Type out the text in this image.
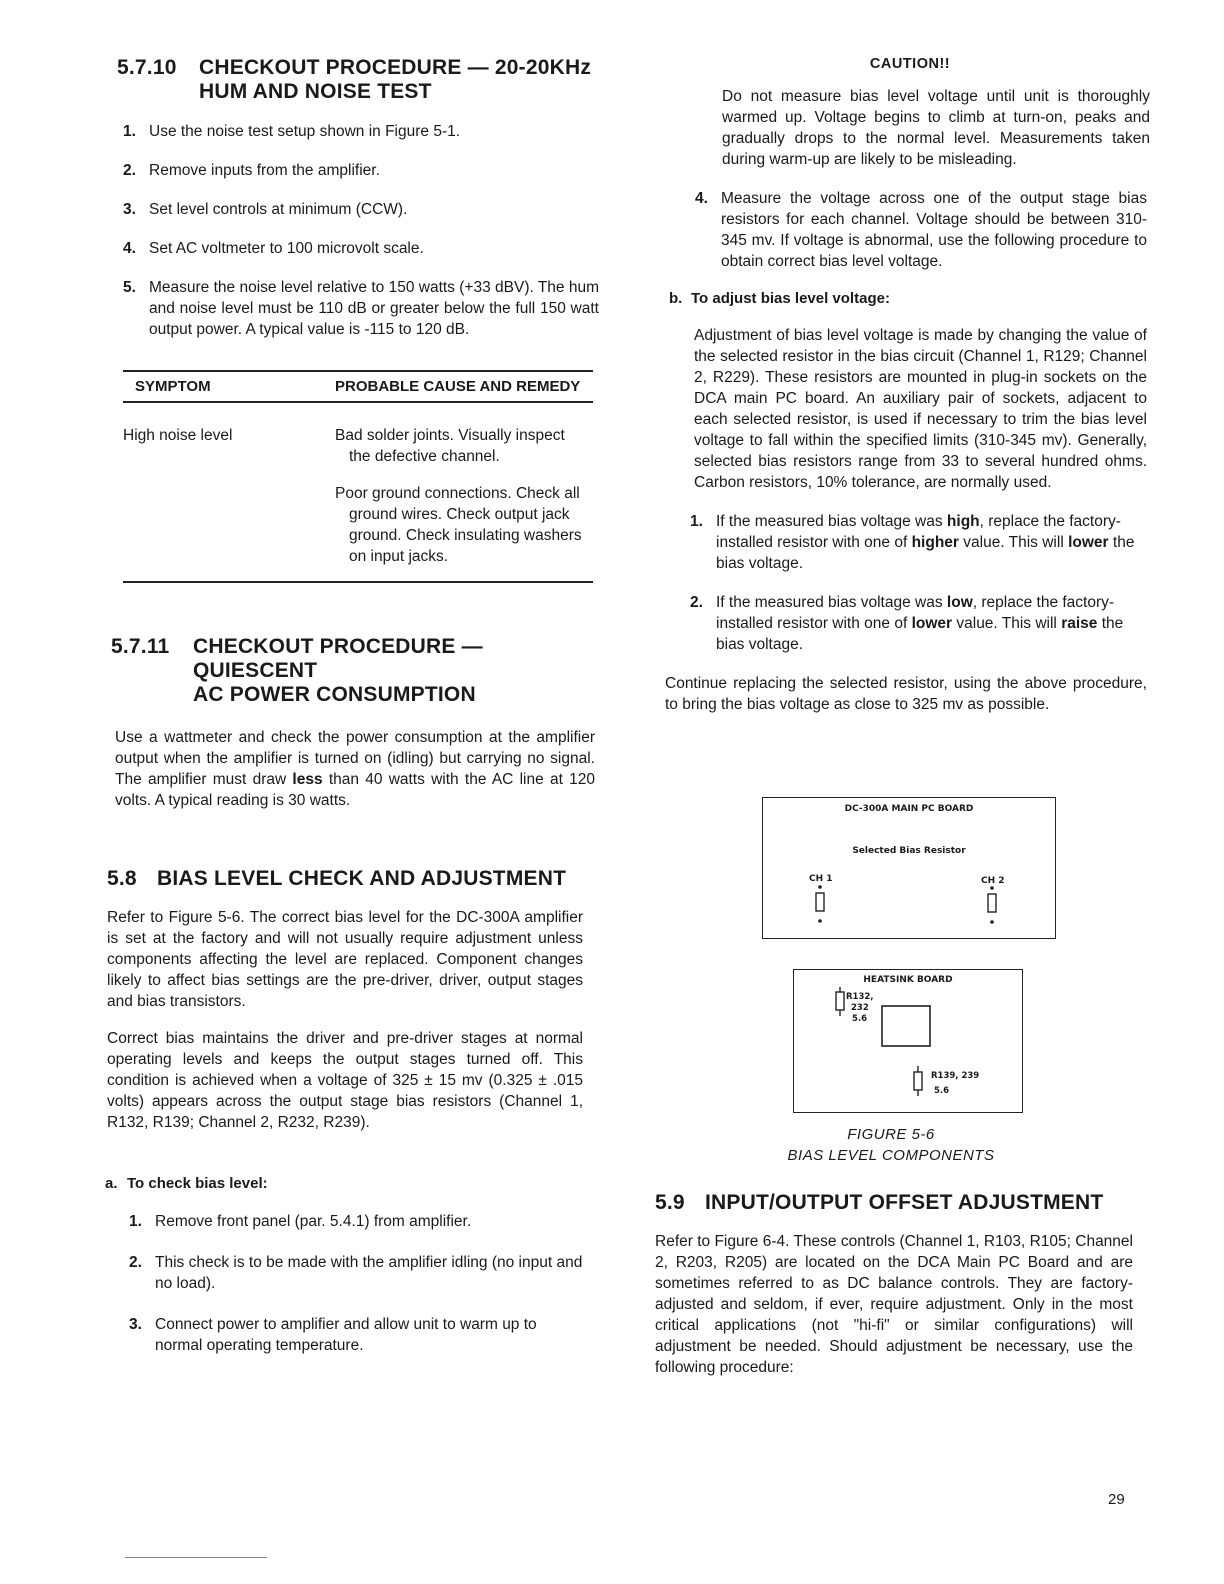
5.7.10	CHECKOUT PROCEDURE — 20-20KHz
HUM AND NOISE TEST
1. Use the noise test setup shown in Figure 5-1.
2. Remove inputs from the amplifier.
3. Set level controls at minimum (CCW).
4. Set AC voltmeter to 100 microvolt scale.
5. Measure the noise level relative to 150 watts (+33 dBV). The hum and noise level must be 110 dB or greater below the full 150 watt output power. A typical value is -115 to 120 dB.
SYMPTOM	PROBABLE CAUSE AND REMEDY
High noise level	Bad solder joints. Visually inspect the defective channel.
Poor ground connections. Check all ground wires. Check output jack ground. Check insulating washers on input jacks.
5.7.11	CHECKOUT PROCEDURE — QUIESCENT
AC POWER CONSUMPTION

Use a wattmeter and check the power consumption at the amplifier output when the amplifier is turned on (idling) but carrying no signal. The amplifier must draw less than 40 watts with the AC line at 120 volts. A typical reading is 30 watts.

5.8 BIAS LEVEL CHECK AND ADJUSTMENT

Refer to Figure 5-6. The correct bias level for the DC-300A amplifier is set at the factory and will not usually require adjustment unless components affecting the level are replaced. Component changes likely to affect bias settings are the pre-driver, driver, output stages and bias transistors.

Correct bias maintains the driver and pre-driver stages at normal operating levels and keeps the output stages turned off. This condition is achieved when a voltage of 325 ± 15 mv (0.325 ± .015 volts) appears across the output stage bias resistors (Channel 1, R132, R139; Channel 2, R232, R239).

a. To check bias level:
1. Remove front panel (par. 5.4.1) from amplifier.
2. This check is to be made with the amplifier idling (no input and no load).
3. Connect power to amplifier and allow unit to warm up to normal operating temperature.
CAUTION!!

Do not measure bias level voltage until unit is thoroughly warmed up. Voltage begins to climb at turn-on, peaks and gradually drops to the normal level. Measurements taken during warm-up are likely to be misleading.

4. Measure the voltage across one of the output stage bias resistors for each channel. Voltage should be between 310-345 mv. If voltage is abnormal, use the following procedure to obtain correct bias level voltage.
b. To adjust bias level voltage:

Adjustment of bias level voltage is made by changing the value of the selected resistor in the bias circuit (Channel 1, R129; Channel 2, R229). These resistors are mounted in plug-in sockets on the DCA main PC board. An auxiliary pair of sockets, adjacent to each selected resistor, is used if necessary to trim the bias level voltage to fall within the specified limits (310-345 mv). Generally, selected bias resistors range from 33 to several hundred ohms. Carbon resistors, 10% tolerance, are normally used.

1. If the measured bias voltage was high, replace the factory-installed resistor with one of higher value. This will lower the bias voltage.
2. If the measured bias voltage was low, replace the factory-installed resistor with one of lower value. This will raise the bias voltage.

Continue replacing the selected resistor, using the above procedure, to bring the bias voltage as close to 325 mv as possible.

DC-300A MAIN PC BOARD
Selected Bias Resistor
CH 1	CH 2
HEATSINK BOARD
R132,
232
5.6
R139, 239
5.6
FIGURE 5-6
BIAS LEVEL COMPONENTS
5.9 INPUT/OUTPUT OFFSET ADJUSTMENT

Refer to Figure 6-4. These controls (Channel 1, R103, R105; Channel 2, R203, R205) are located on the DCA Main PC Board and are sometimes referred to as DC balance controls. They are factory-adjusted and seldom, if ever, require adjustment. Only in the most critical applications (not "hi-fi" or similar configurations) will adjustment be needed. Should adjustment be necessary, use the following procedure:

29
